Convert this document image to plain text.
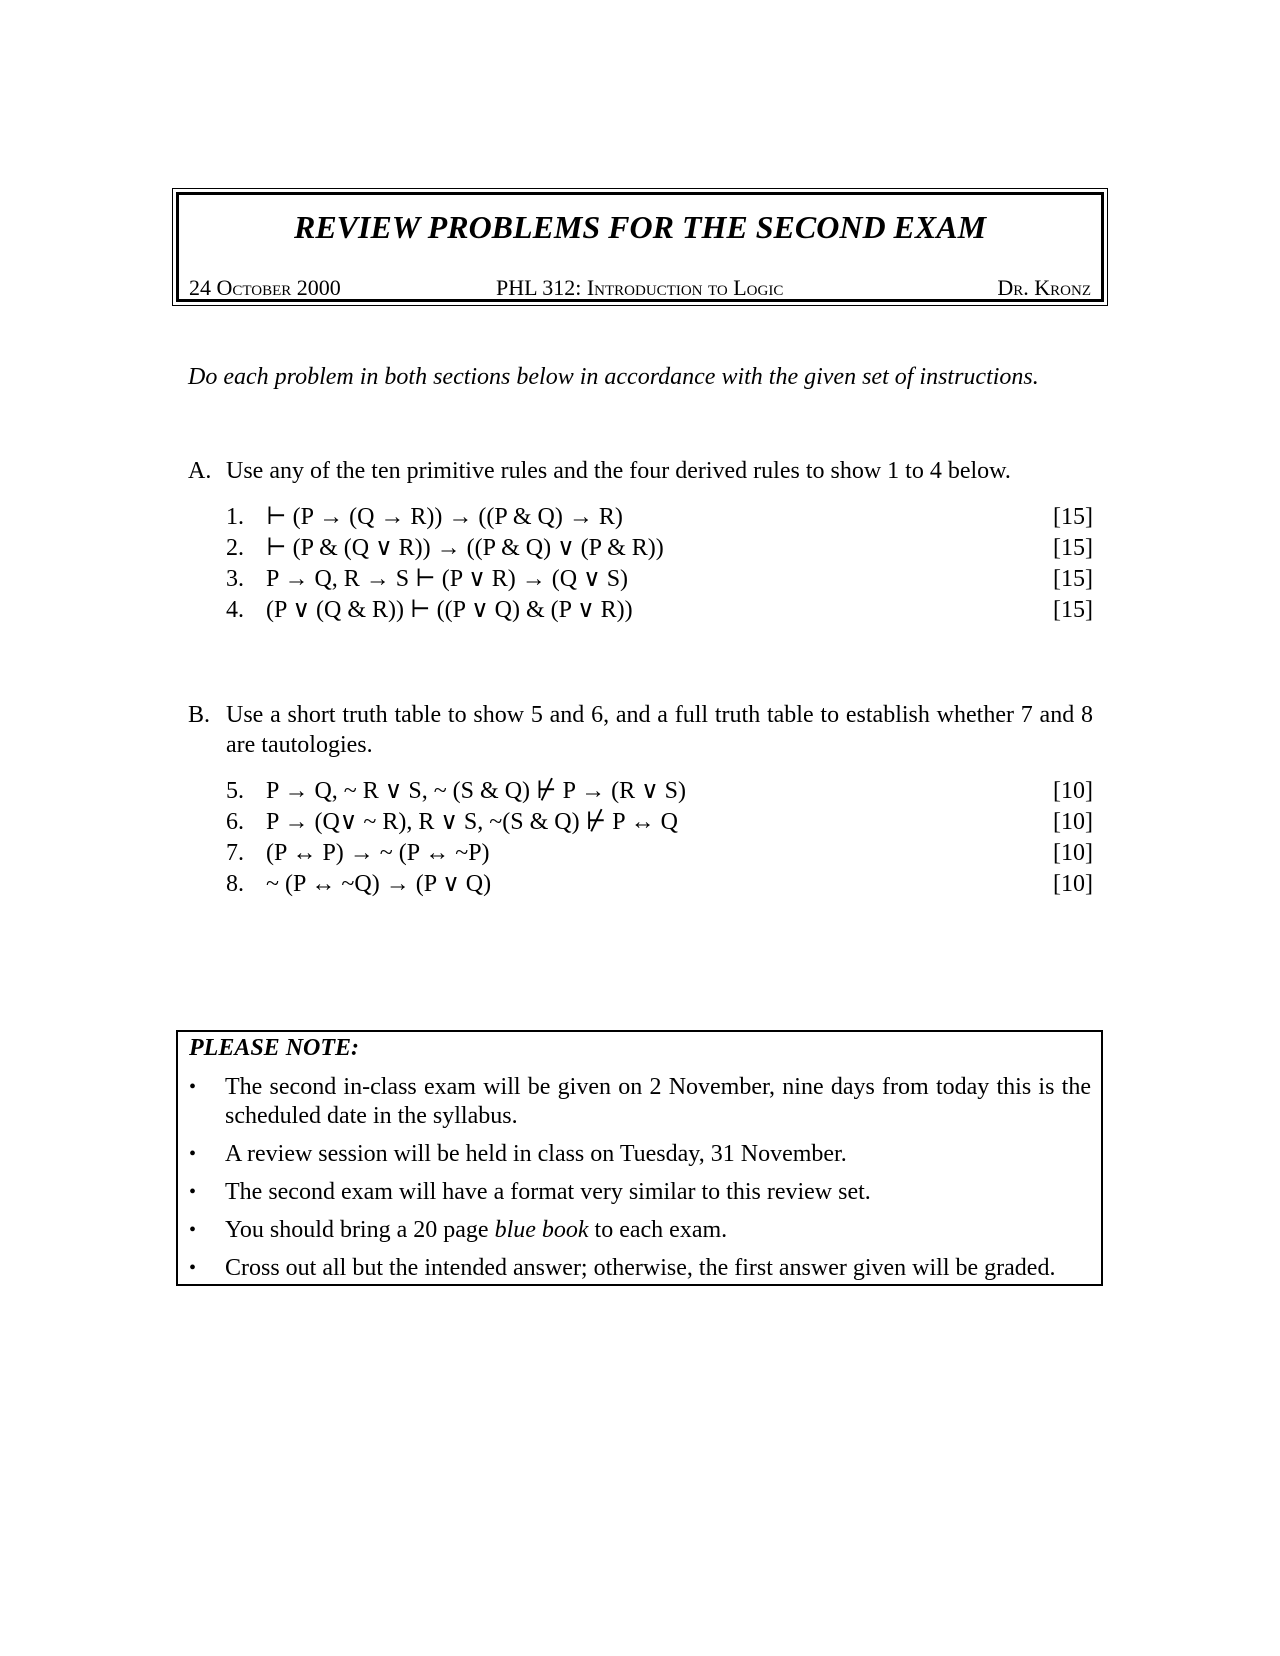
REVIEW PROBLEMS FOR THE SECOND EXAM
24 October 2000	PHL 312: Introduction to Logic	Dr. Kronz
Do each problem in both sections below in accordance with the given set of instructions.
A. Use any of the ten primitive rules and the four derived rules to show 1 to 4 below.
1. ⊢ (P → (Q → R)) → ((P & Q) → R)	[15]
2. ⊢ (P & (Q ∨ R)) → ((P & Q) ∨ (P & R))	[15]
3. P → Q, R → S ⊢ (P ∨ R) → (Q ∨ S)	[15]
4. (P ∨ (Q & R)) ⊢ ((P ∨ Q) & (P ∨ R))	[15]
B. Use a short truth table to show 5 and 6, and a full truth table to establish whether 7 and 8 are tautologies.
5. P → Q, ~ R ∨ S, ~ (S & Q) ⊬ P → (R ∨ S)	[10]
6. P → (Q∨ ~ R), R ∨ S, ~(S & Q) ⊬ P ↔ Q	[10]
7. (P ↔ P) → ~ (P ↔ ~P)	[10]
8. ~ (P ↔ ~Q) → (P ∨ Q)	[10]
PLEASE NOTE:
• The second in-class exam will be given on 2 November, nine days from today this is the scheduled date in the syllabus.
• A review session will be held in class on Tuesday, 31 November.
• The second exam will have a format very similar to this review set.
• You should bring a 20 page blue book to each exam.
• Cross out all but the intended answer; otherwise, the first answer given will be graded.
